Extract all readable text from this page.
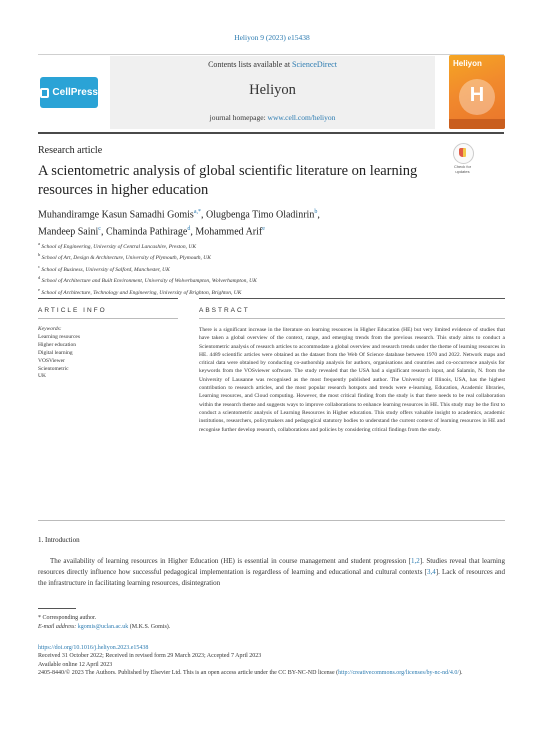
Heliyon 9 (2023) e15438
CellPress
Contents lists available at ScienceDirect
Heliyon
journal homepage: www.cell.com/heliyon
Heliyon
H
Research article
A scientometric analysis of global scientific literature on learning resources in higher education
Check for updates
Muhandiramge Kasun Samadhi Gomis$^{a,*}$, Olugbenga Timo Oladinrin$^b$,
Mandeep Saini$^c$, Chaminda Pathirage$^d$, Mohammed Arif$^e$
$^a$ School of Engineering, University of Central Lancashire, Preston, UK
$^b$ School of Art, Design & Architecture, University of Plymouth, Plymouth, UK
$^c$ School of Business, University of Salford, Manchester, UK
$^d$ School of Architecture and Built Environment, University of Wolverhampton, Wolverhampton, UK
$^e$ School of Architecture, Technology and Engineering, University of Brighton, Brighton, UK
ARTICLE INFO	ABSTRACT
Keywords:
Learning resources
Higher education
Digital learning
VOSViewer
Scientometric
UK
There is a significant increase in the literature on learning resources in Higher Education (HE) but very limited evidence of studies that have taken a global overview of the context, range, and emerging trends from the previous research. This study aims to conduct a Scientometric analysis of research articles to accommodate a global overview and research trends under the theme of learning resources in HE. 4489 scientific articles were obtained as the dataset from the Web Of Science database between 1970 and 2022. Network maps and critical data were obtained by conducting co-authorship analysis for authors, organisations and countries and co-occurrence analysis for keywords from the VOSviewer software. The study revealed that the USA had a significant research input, and Salamin, N. from the University of Lausanne was recognised as the most frequently published author. The University of Illinois, USA, has the highest contribution to research articles, and the most popular research hotspots and trends were e-learning, Education, Academic libraries, Learning resources, and Cloud computing. However, the most critical finding from the study is that there needs to be real collaboration within the research theme and suggests ways to improve collaborations to enhance learning resources in HE. This study may be the first to conduct a scientometric analysis of Learning Resources in Higher education. This study offers valuable insight to academics, academic institutions, researchers, policymakers and pedagogical statutory bodies to understand the current context of learning resources in HE and recognise further develop research, collaborations and policies by considering critical findings from the study.
1. Introduction

The availability of learning resources in Higher Education (HE) is essential in course management and student progression [1,2]. Studies reveal that learning resources directly influence how successful pedagogical implementation is regardless of learning and educational and cultural contexts [3,4]. Lack of resources and the infrastructure in facilitating learning resources, disintegration

* Corresponding author.
E-mail address: kgomis@uclan.ac.uk (M.K.S. Gomis).
https://doi.org/10.1016/j.heliyon.2023.e15438
Received 31 October 2022; Received in revised form 29 March 2023; Accepted 7 April 2023
Available online 12 April 2023
2405-8440/© 2023 The Authors. Published by Elsevier Ltd. This is an open access article under the CC BY-NC-ND license (http://creativecommons.org/licenses/by-nc-nd/4.0/).
